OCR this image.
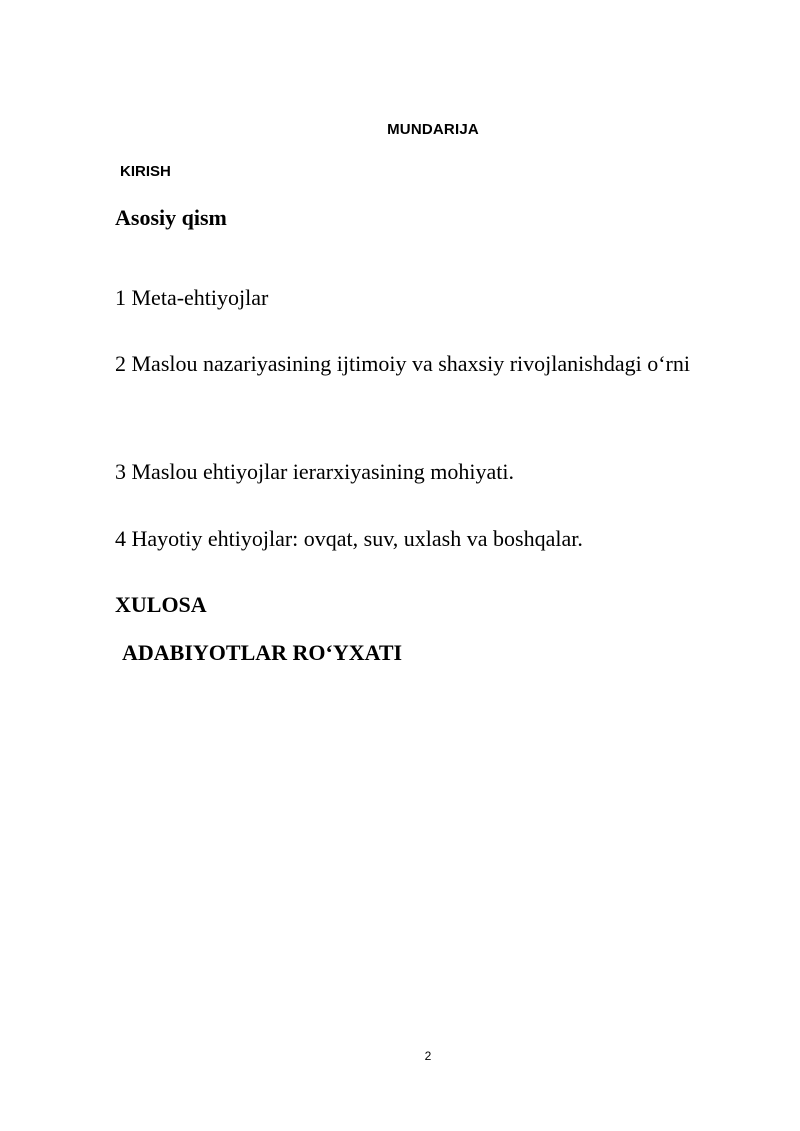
MUNDARIJA
KIRISH
Asosiy qism
1 Meta-ehtiyojlar
2 Maslou nazariyasining ijtimoiy va shaxsiy rivojlanishdagi o‘rni
3 Maslou ehtiyojlar ierarxiyasining mohiyati.
4 Hayotiy ehtiyojlar: ovqat, suv, uxlash va boshqalar.
XULOSA
ADABIYOTLAR RO‘YXATI
2
